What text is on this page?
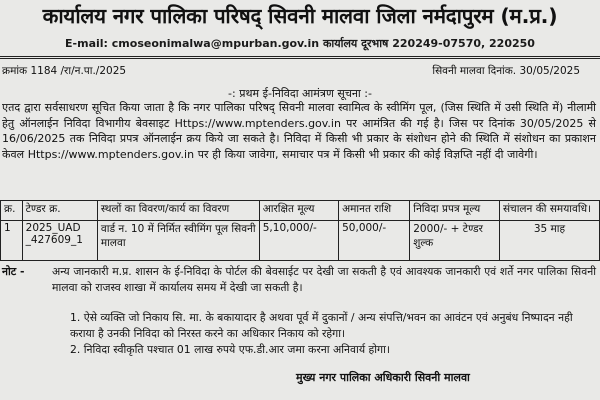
कार्यालय नगर पालिका परिषद् सिवनी मालवा जिला नर्मदापुरम (म.प्र.)
E-mail: cmoseonimalwa@mpurban.gov.in कार्यालय दूरभाष 220249-07570, 220250
क्रमांक 1184 /रा/न.पा./2025	सिवनी मालवा दिनांक. 30/05/2025
-: प्रथम ई-निविदा आमंत्रण सूचना :-
एतद द्वारा सर्वसाधरण सूचित किया जाता है कि नगर पालिका परिषद् सिवनी मालवा स्वामित्व के स्वीमिंग पूल, (जिस स्थिति में उसी स्थिति में) नीलामी हेतु ऑनलाईन निविदा विभागीय बेवसाइट Https://www.mptenders.gov.in पर आमंत्रित की गई है। जिस पर दिनांक 30/05/2025 से 16/06/2025 तक निविदा प्रपत्र ऑनलाईन क्रय किये जा सकते है। निविदा में किसी भी प्रकार के संशोधन होने की स्थिति में संशोधन का प्रकाशन केवल Https://www.mptenders.gov.in पर ही किया जावेगा, समाचार पत्र में किसी भी प्रकार की कोई विज्ञप्ति नहीं दी जावेगी।
क्र.	टेण्डर क्र.	स्थलों का विवरण/कार्य का विवरण	आरक्षित मूल्य	अमानत राशि	निविदा प्रपत्र मूल्य	संचालन की समयावधि।
1	2025_UAD _427609_1	वार्ड न. 10 में निर्मित स्वीमिंग पूल सिवनी मालवा	5,10,000/-	50,000/-	2000/- + टेण्डर शुल्क	35 माह
नोट -	अन्य जानकारी म.प्र. शासन के ई-निविदा के पोर्टल की बेवसाईट पर देखी जा सकती है एवं आवश्यक जानकारी एवं शर्ते नगर पालिका सिवनी मालवा को राजस्व शाखा में कार्यालय समय में देखी जा सकती है।
1. ऐसे व्यक्ति जो निकाय सि. मा. के बकायादार है अथवा पूर्व में दुकानों / अन्य संपत्ति/भवन का आवंटन एवं अनुबंध निष्पादन नही कराया है उनकी निविदा को निरस्त करने का अधिकार निकाय को रहेगा।
2. निविदा स्वीकृति पश्चात 01 लाख रुपये एफ.डी.आर जमा करना अनिवार्य होगा।
मुख्य नगर पालिका अधिकारी सिवनी मालवा
